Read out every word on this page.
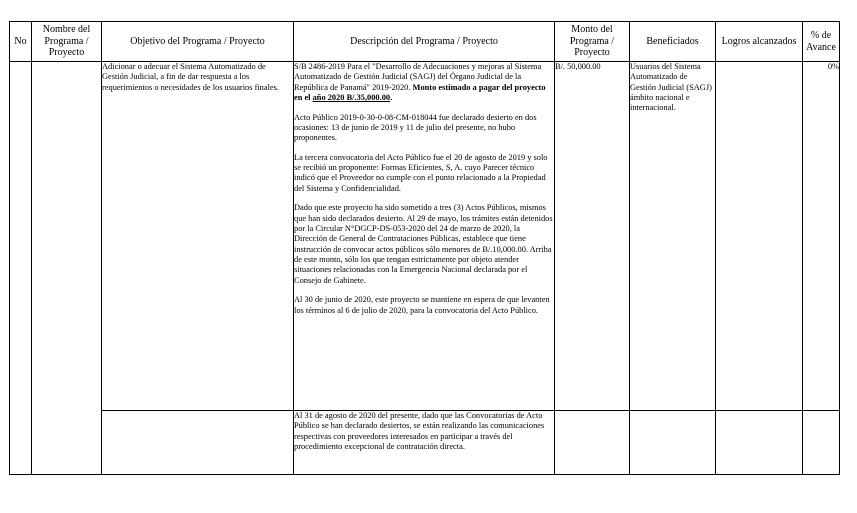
No	Nombre del Programa / Proyecto	Objetivo del Programa / Proyecto	Descripción del Programa / Proyecto	Monto del Programa / Proyecto	Beneficiados	Logros alcanzados	% de Avance
		Adicionar o adecuar el Sistema Automatizado de Gestión Judicial, a fin de dar respuesta a los requerimientos o necesidades de los usuarios finales.	S/B 2486-2019 Para el "Desarrollo de Adecuaciones y mejoras al Sistema Automatizado de Gestión Judicial (SAGJ) del Órgano Judicial de la República de Panamá" 2019-2020. Monto estimado a pagar del proyecto en el año 2020 B/.35,000.00.

Acto Público 2019-0-30-0-08-CM-018044 fue declarado desierto en dos ocasiones: 13 de junio de 2019 y 11 de julio del presente, no hubo proponentes.

La tercera convocatoria del Acto Público fue el 20 de agosto de 2019 y solo se recibió un proponente: Formas Eficientes, S, A. cuyo Parecer técnico indicó que el Proveedor no cumple con el punto relacionado a la Propiedad del Sistema y Confidencialidad.

Dado que este proyecto ha sido sometido a tres (3) Actos Públicos, mismos que han sido declarados desierto. Al 29 de mayo, los trámites están detenidos por la Circular N°DGCP-DS-053-2020 del 24 de marzo de 2020, la Dirección de General de Contrataciones Públicas, establece que tiene instrucción de convocar actos públicos sólo menores de B/.10,000.00. Arriba de este monto, sólo los que tengan estrictamente por objeto atender situaciones relacionadas con la Emergencia Nacional declarada por el Consejo de Gabinete.

Al 30 de junio de 2020, este proyecto se mantiene en espera de que levanten los términos al 6 de julio de 2020, para la convocatoria del Acto Público.	B/. 50,000.00	Usuarios del Sistema Automatizado de Gestión Judicial (SAGJ) ámbito nacional e internacional.		0%
			Al 31 de agosto de 2020 del presente, dado que las Convocatorias de Acto Público se han declarado desiertos, se están realizando las comunicaciones respectivas con proveedores interesados en participar a través del procedimiento excepcional de contratación directa.				
